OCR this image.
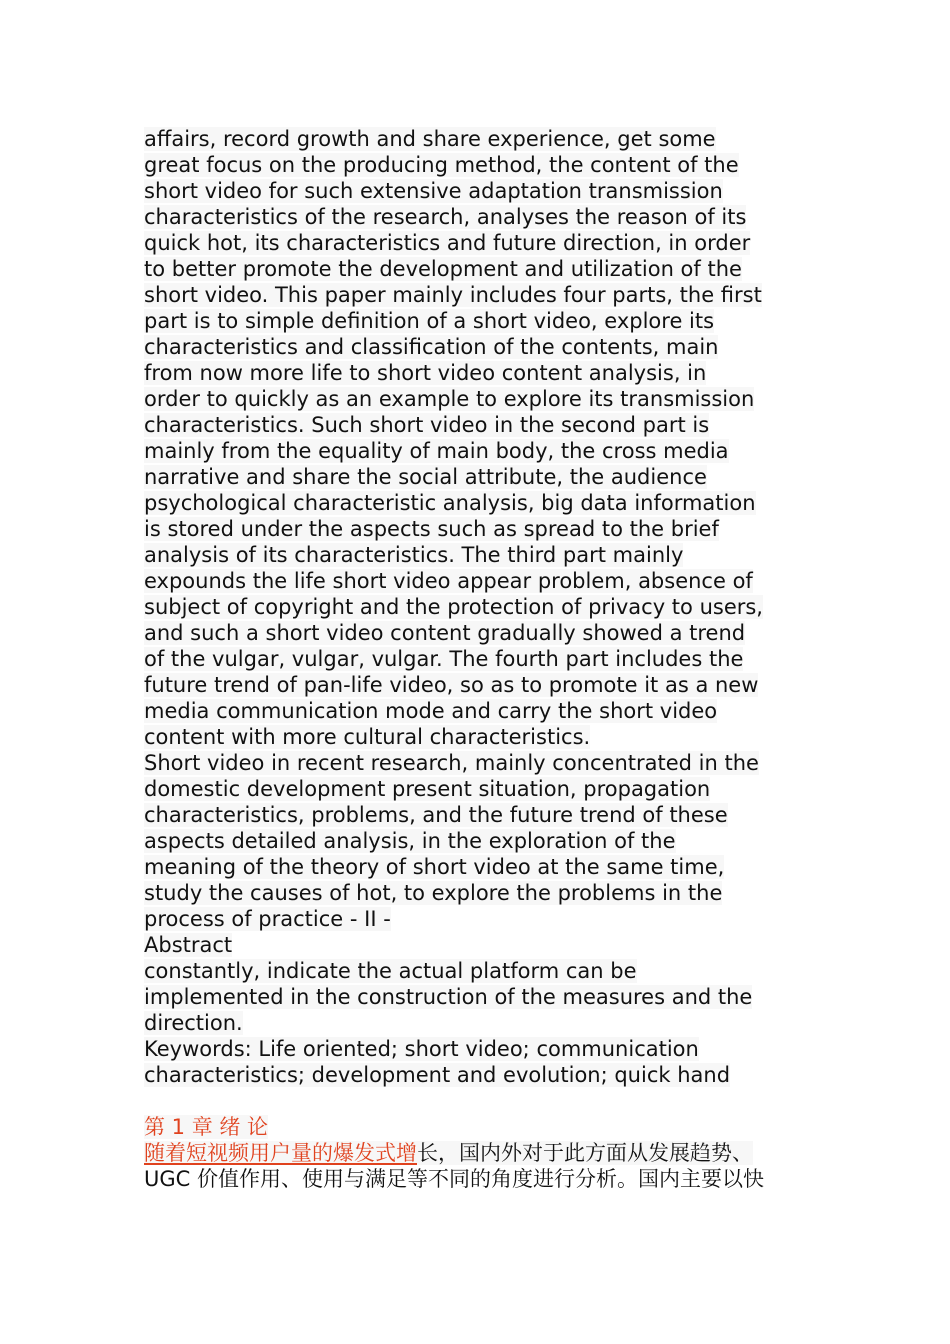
affairs, record growth and share experience, get some
great focus on the producing method, the content of the
short video for such extensive adaptation transmission
characteristics of the research, analyses the reason of its
quick hot, its characteristics and future direction, in order
to better promote the development and utilization of the
short video. This paper mainly includes four parts, the first
part is to simple definition of a short video, explore its
characteristics and classification of the contents, main
from now more life to short video content analysis, in
order to quickly as an example to explore its transmission
characteristics. Such short video in the second part is
mainly from the equality of main body, the cross media
narrative and share the social attribute, the audience
psychological characteristic analysis, big data information
is stored under the aspects such as spread to the brief
analysis of its characteristics. The third part mainly
expounds the life short video appear problem, absence of
subject of copyright and the protection of privacy to users,
and such a short video content gradually showed a trend
of the vulgar, vulgar, vulgar. The fourth part includes the
future trend of pan-life video, so as to promote it as a new
media communication mode and carry the short video
content with more cultural characteristics.
Short video in recent research, mainly concentrated in the
domestic development present situation, propagation
characteristics, problems, and the future trend of these
aspects detailed analysis, in the exploration of the
meaning of the theory of short video at the same time,
study the causes of hot, to explore the problems in the
process of practice - II -
Abstract
constantly, indicate the actual platform can be
implemented in the construction of the measures and the
direction.
Keywords: Life oriented; short video; communication
characteristics; development and evolution; quick hand
第 1 章 绪 论
随着短视频用户量的爆发式增长，国内外对于此方面从发展趋势、
UGC 价值作用、使用与满足等不同的角度进行分析。国内主要以快
